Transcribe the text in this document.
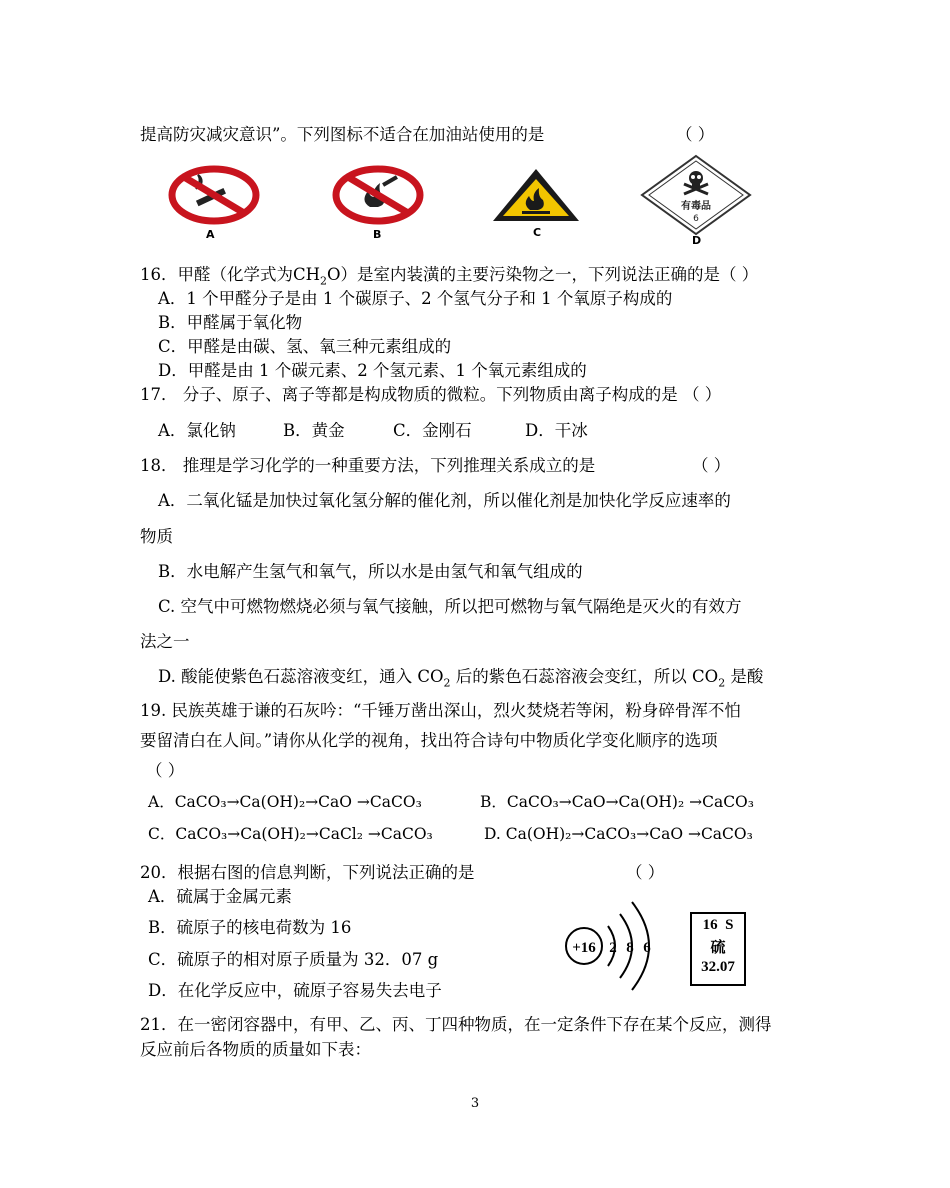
提高防灾减灾意识”。下列图标不适合在加油站使用的是	（ ）
A	B	C
有毒品
6
D
16．甲醛（化学式为$CH_2O$）是室内装潢的主要污染物之一，下列说法正确的是（ ）
A．1 个甲醛分子是由 1 个碳原子、2 个氢气分子和 1 个氧原子构成的
B．甲醛属于氧化物
C．甲醛是由碳、氢、氧三种元素组成的
D．甲醛是由 1 个碳元素、2 个氢元素、1 个氧元素组成的
17． 分子、原子、离子等都是构成物质的微粒。下列物质由离子构成的是 （ ）
A．氯化钠	B．黄金	C．金刚石	D．干冰
18． 推理是学习化学的一种重要方法，下列推理关系成立的是	（ ）
A．二氧化锰是加快过氧化氢分解的催化剂，所以催化剂是加快化学反应速率的
物质
B．水电解产生氢气和氧气，所以水是由氢气和氧气组成的
C. 空气中可燃物燃烧必须与氧气接触，所以把可燃物与氧气隔绝是灭火的有效方
法之一
D. 酸能使紫色石蕊溶液变红，通入 $CO_2$ 后的紫色石蕊溶液会变红，所以 $CO_2$ 是酸
19. 民族英雄于谦的石灰吟：“千锤万凿出深山，烈火焚烧若等闲，粉身碎骨浑不怕
要留清白在人间。”请你从化学的视角，找出符合诗句中物质化学变化顺序的选项
（ ）
A．CaCO₃→Ca(OH)₂→CaO →CaCO₃	B．CaCO₃→CaO→Ca(OH)₂ →CaCO₃
C．CaCO₃→Ca(OH)₂→CaCl₂ →CaCO₃	D. Ca(OH)₂→CaCO₃→CaO →CaCO₃
20．根据右图的信息判断，下列说法正确的是	（ ）
A．硫属于金属元素
B．硫原子的核电荷数为 16
C．硫原子的相对原子质量为 32．07 g
D．在化学反应中，硫原子容易失去电子
+16 2 8 6
16 S
硫
32.07
21．在一密闭容器中，有甲、乙、丙、丁四种物质，在一定条件下存在某个反应，测得
反应前后各物质的质量如下表：
3
